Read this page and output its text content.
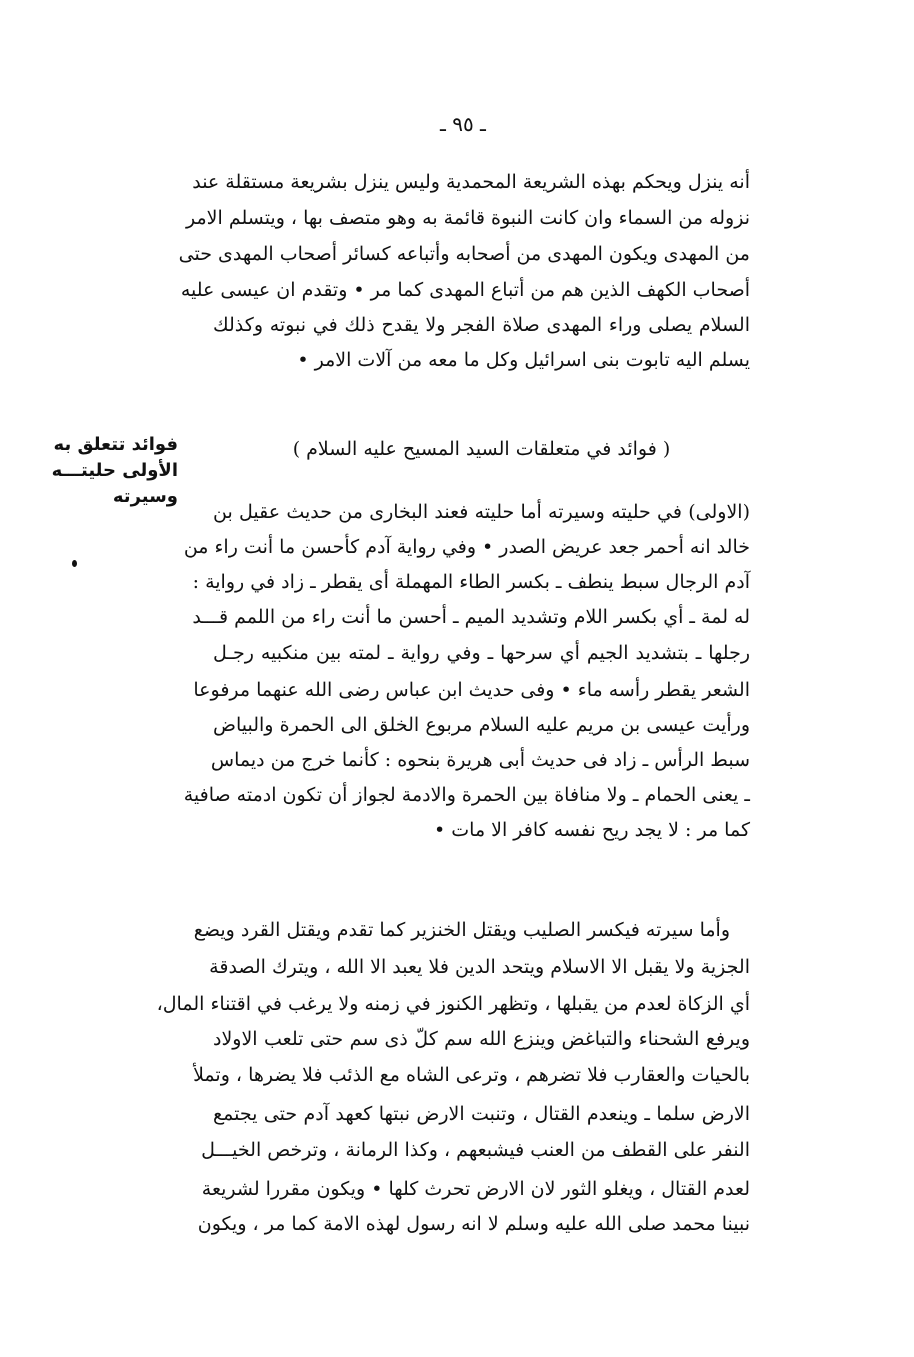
ـ ٩٥ ـ
أنه ينزل ويحكم بهذه الشريعة المحمدية وليس ينزل بشريعة مستقلة عند
نزوله من السماء وان كانت النبوة قائمة به وهو متصف بها ، ويتسلم الامر
من المهدى ويكون المهدى من أصحابه وأتباعه كسائر أصحاب المهدى حتى
أصحاب الكهف الذين هم من أتباع المهدى كما مر • وتقدم ان عيسى عليه
السلام يصلى وراء المهدى صلاة الفجر ولا يقدح ذلك في نبوته وكذلك
يسلم اليه تابوت بنى اسرائيل وكل ما معه من آلات الامر •
( فوائد في متعلقات السيد المسيح عليه السلام )
فوائد تتعلق به
الأولى حليتـــه
وسيرته
(الاولى) في حليته وسيرته أما حليته فعند البخارى من حديث عقيل بن
خالد انه أحمر جعد عريض الصدر • وفي رواية آدم كأحسن ما أنت راء من
آدم الرجال سبط ينطف ـ بكسر الطاء المهملة أى يقطر ـ زاد في رواية :
له لمة ـ أي بكسر اللام وتشديد الميم ـ أحسن ما أنت راء من اللمم قـــد
رجلها ـ بتشديد الجيم أي سرحها ـ وفي رواية ـ لمته بين منكبيه رجـل
الشعر يقطر رأسه ماء • وفى حديث ابن عباس رضى الله عنهما مرفوعا
ورأيت عيسى بن مريم عليه السلام مربوع الخلق الى الحمرة والبياض
سبط الرأس ـ زاد فى حديث أبى هريرة بنحوه : كأنما خرج من ديماس
ـ يعنى الحمام ـ ولا منافاة بين الحمرة والادمة لجواز أن تكون ادمته صافية
كما مر : لا يجد ريح نفسه كافر الا مات •
وأما سيرته فيكسر الصليب ويقتل الخنزير كما تقدم ويقتل القرد ويضع
الجزية ولا يقبل الا الاسلام ويتحد الدين فلا يعبد الا الله ، ويترك الصدقة
أي الزكاة لعدم من يقبلها ، وتظهر الكنوز في زمنه ولا يرغب في اقتناء المال،
ويرفع الشحناء والتباغض وينزع الله سم كلّ ذى سم حتى تلعب الاولاد
بالحيات والعقارب فلا تضرهم ، وترعى الشاه مع الذئب فلا يضرها ، وتملأ
الارض سلما ـ وينعدم القتال ، وتنبت الارض نبتها كعهد آدم حتى يجتمع
النفر على القطف من العنب فيشبعهم ، وكذا الرمانة ، وترخص الخيـــل
لعدم القتال ، ويغلو الثور لان الارض تحرث كلها • ويكون مقررا لشريعة
نبينا محمد صلى الله عليه وسلم لا انه رسول لهذه الامة كما مر ، ويكون
